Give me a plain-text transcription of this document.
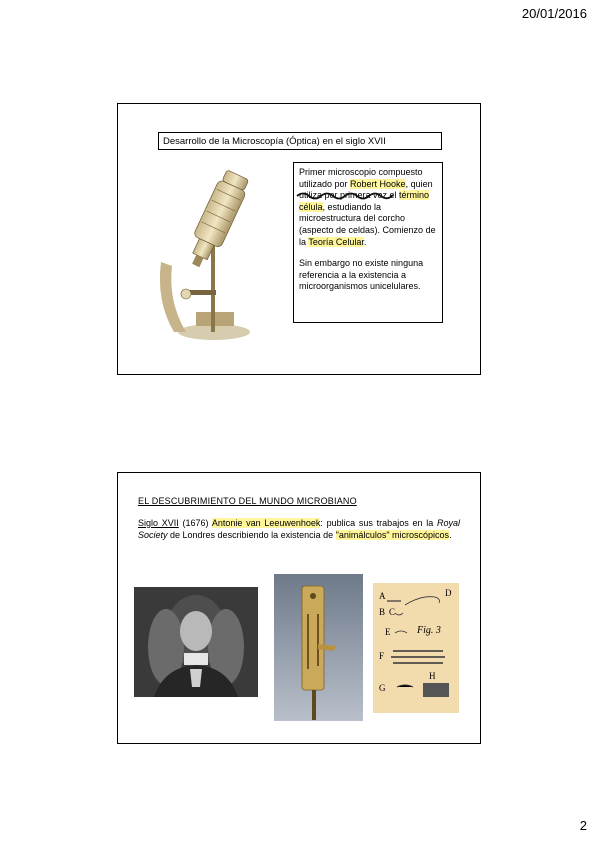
20/01/2016
Desarrollo de la Microscopía (Óptica) en el siglo XVII

Primer microscopio compuesto utilizado por Robert Hooke, quien utiliza por primera vez el término célula, estudiando la microestructura del corcho (aspecto de celdas). Comienzo de la Teoría Celular.

Sin embargo no existe ninguna referencia a la existencia a microorganismos unicelulares.

EL DESCUBRIMIENTO DEL MUNDO MICROBIANO
Siglo XVII (1676) Antonie van Leeuwenhoek: publica sus trabajos en la Royal Society de Londres describiendo la existencia de "animálculos" microscópicos.
A
B C
D
E	Fig. 3
F
G
H
2
